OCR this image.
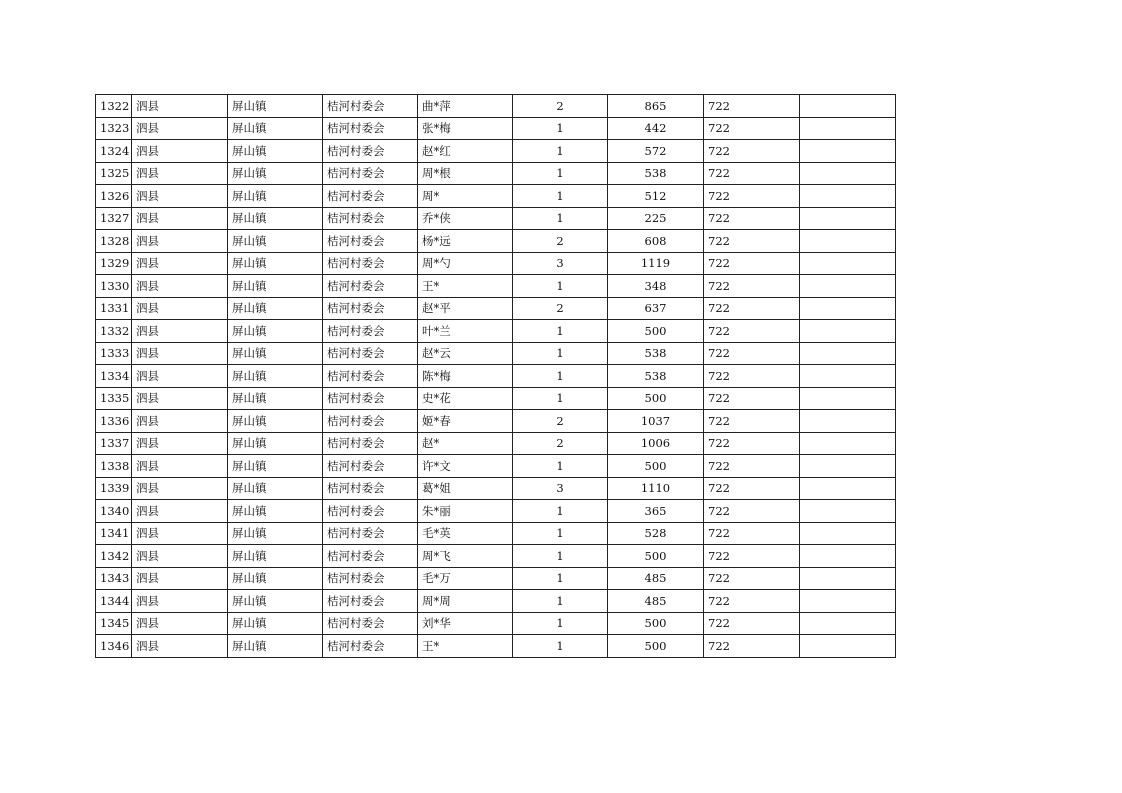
1322	泗县	屏山镇	桔河村委会	曲*萍	2	865	722	
1323	泗县	屏山镇	桔河村委会	张*梅	1	442	722	
1324	泗县	屏山镇	桔河村委会	赵*红	1	572	722	
1325	泗县	屏山镇	桔河村委会	周*根	1	538	722	
1326	泗县	屏山镇	桔河村委会	周*	1	512	722	
1327	泗县	屏山镇	桔河村委会	乔*侠	1	225	722	
1328	泗县	屏山镇	桔河村委会	杨*远	2	608	722	
1329	泗县	屏山镇	桔河村委会	周*勺	3	1119	722	
1330	泗县	屏山镇	桔河村委会	王*	1	348	722	
1331	泗县	屏山镇	桔河村委会	赵*平	2	637	722	
1332	泗县	屏山镇	桔河村委会	叶*兰	1	500	722	
1333	泗县	屏山镇	桔河村委会	赵*云	1	538	722	
1334	泗县	屏山镇	桔河村委会	陈*梅	1	538	722	
1335	泗县	屏山镇	桔河村委会	史*花	1	500	722	
1336	泗县	屏山镇	桔河村委会	姬*春	2	1037	722	
1337	泗县	屏山镇	桔河村委会	赵*	2	1006	722	
1338	泗县	屏山镇	桔河村委会	许*文	1	500	722	
1339	泗县	屏山镇	桔河村委会	葛*姐	3	1110	722	
1340	泗县	屏山镇	桔河村委会	朱*丽	1	365	722	
1341	泗县	屏山镇	桔河村委会	毛*英	1	528	722	
1342	泗县	屏山镇	桔河村委会	周*飞	1	500	722	
1343	泗县	屏山镇	桔河村委会	毛*万	1	485	722	
1344	泗县	屏山镇	桔河村委会	周*周	1	485	722	
1345	泗县	屏山镇	桔河村委会	刘*华	1	500	722	
1346	泗县	屏山镇	桔河村委会	王*	1	500	722	
